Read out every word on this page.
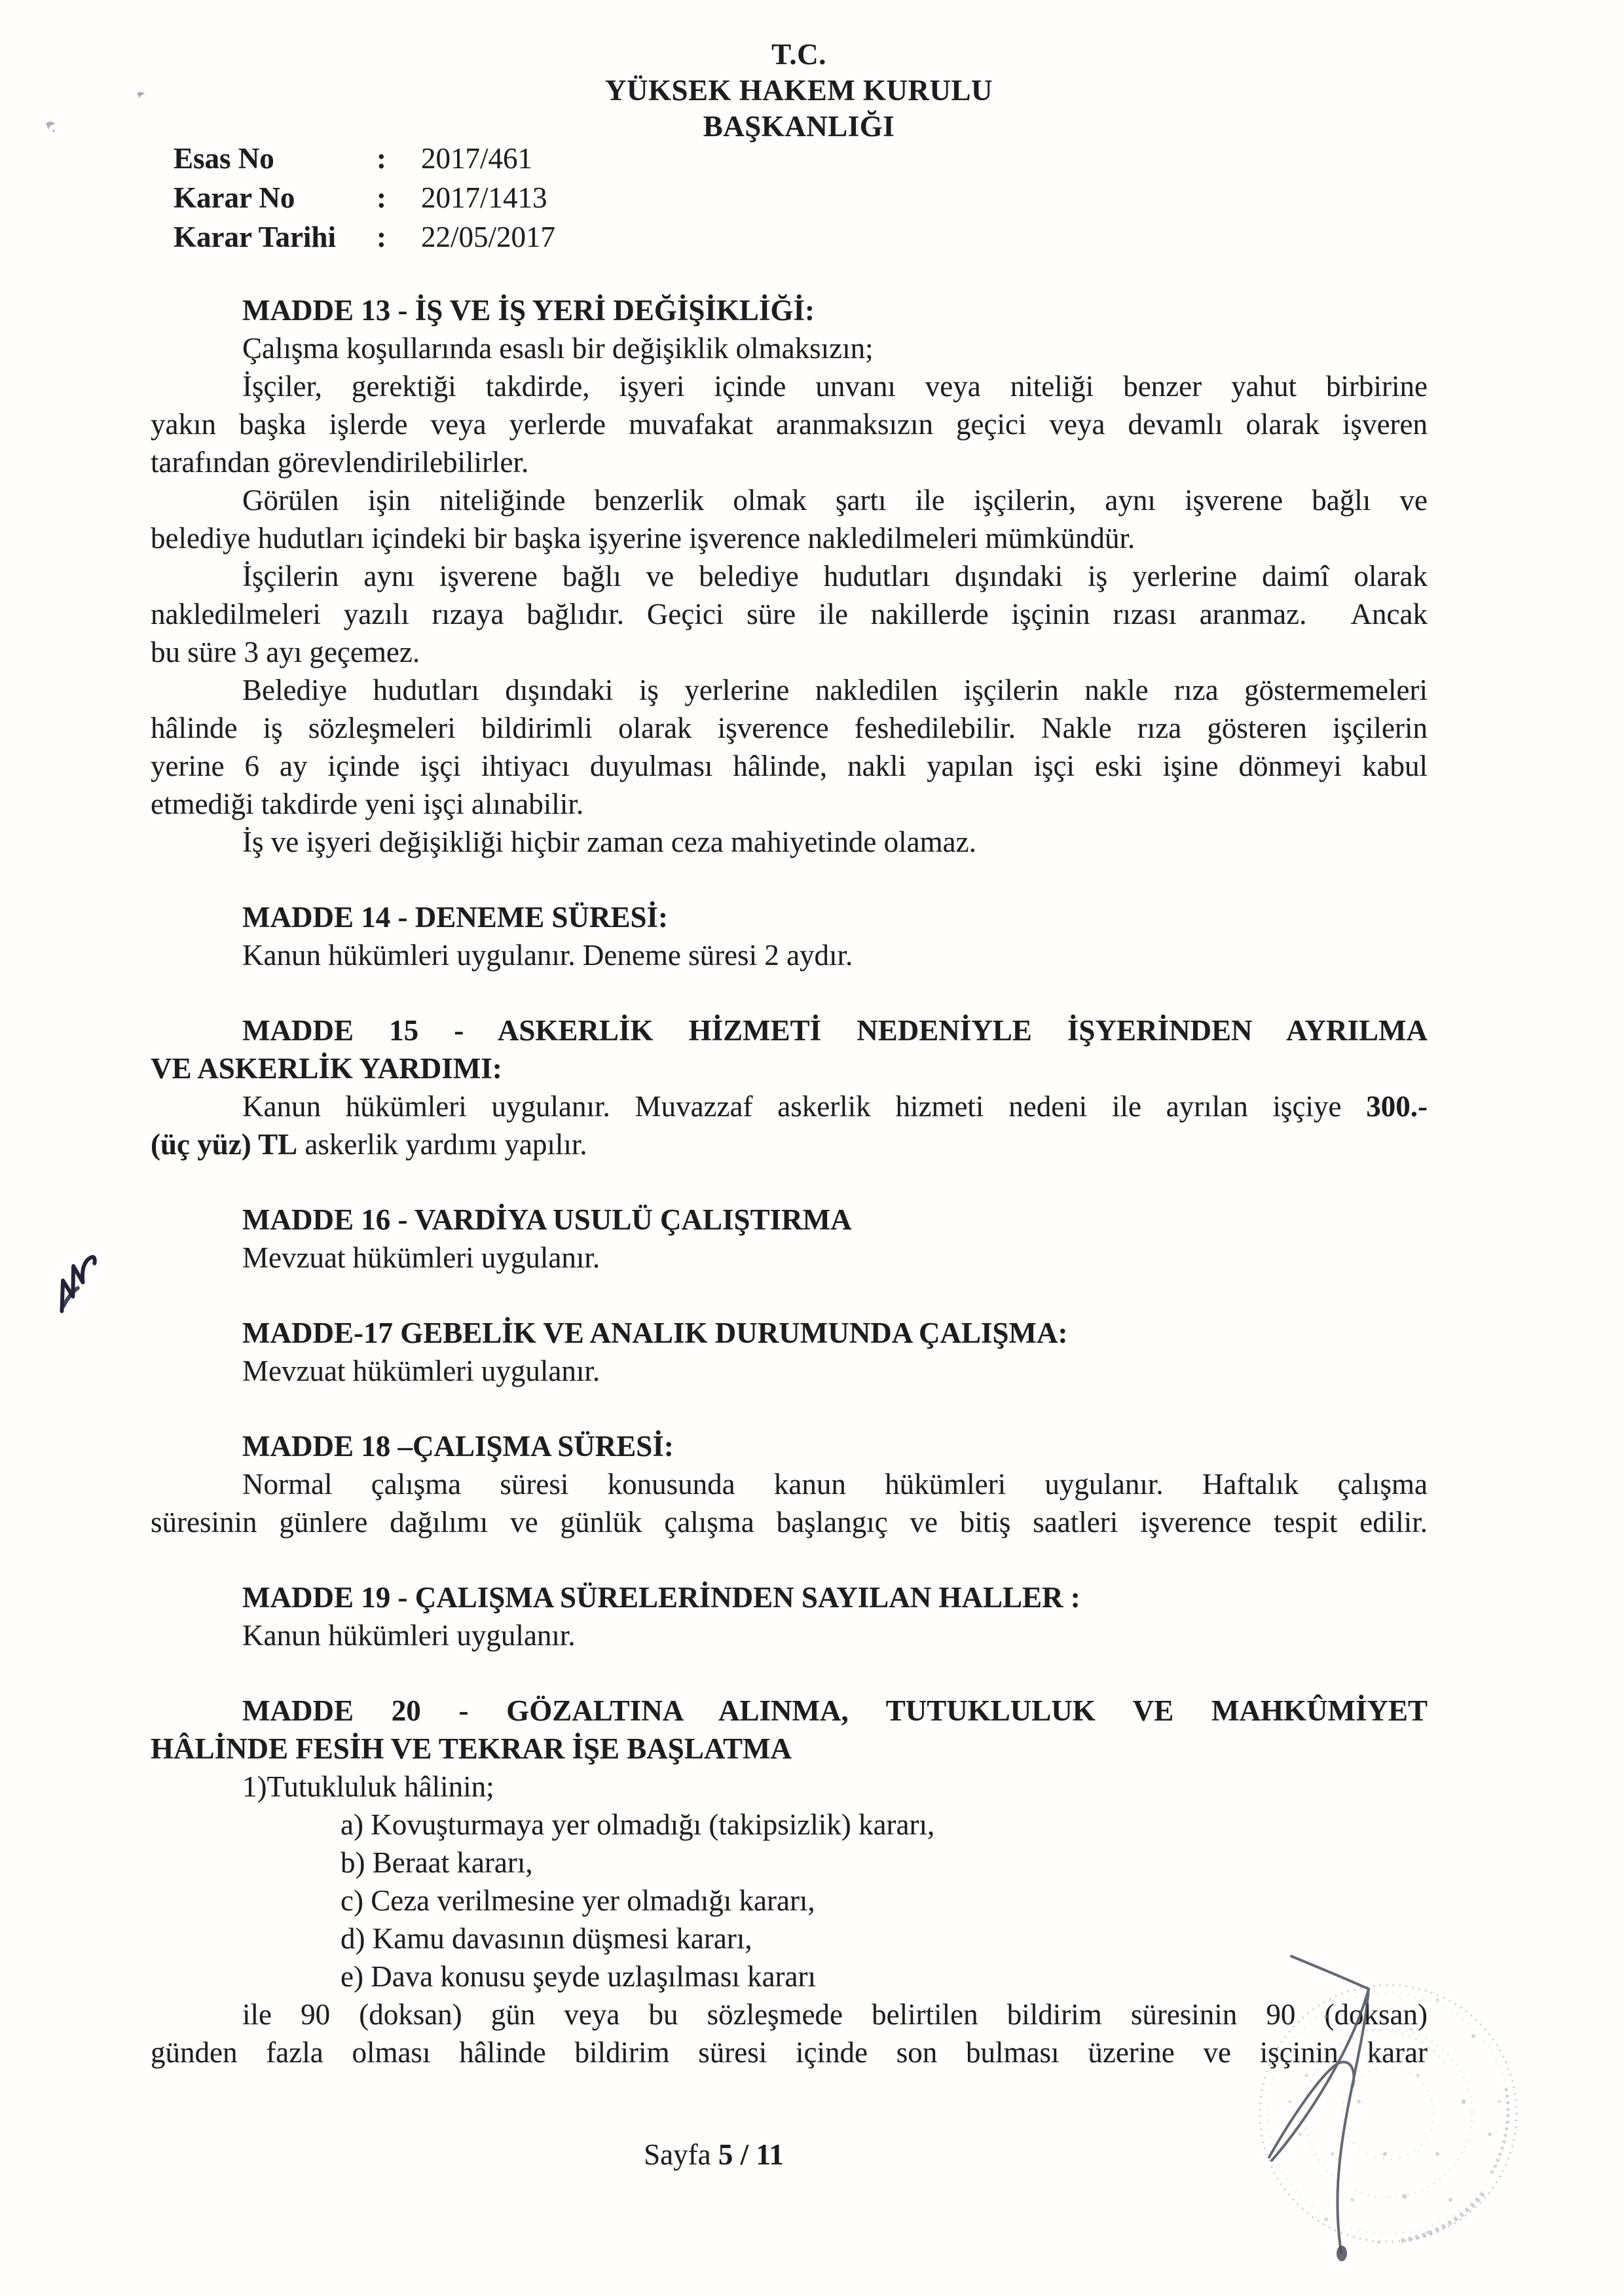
T.C.
YÜKSEK HAKEM KURULU
BAŞKANLIĞI
Esas No	: 2017/461
Karar No	: 2017/1413
Karar Tarihi : 22/05/2017
MADDE 13 - İŞ VE İŞ YERİ DEĞİŞİKLİĞİ:
Çalışma koşullarında esaslı bir değişiklik olmaksızın;
İşçiler, gerektiği takdirde, işyeri içinde unvanı veya niteliği benzer yahut birbirine
yakın başka işlerde veya yerlerde muvafakat aranmaksızın geçici veya devamlı olarak işveren
tarafından görevlendirilebilirler.
Görülen işin niteliğinde benzerlik olmak şartı ile işçilerin, aynı işverene bağlı ve
belediye hudutları içindeki bir başka işyerine işverence nakledilmeleri mümkündür.
İşçilerin aynı işverene bağlı ve belediye hudutları dışındaki iş yerlerine daimî olarak
nakledilmeleri yazılı rızaya bağlıdır. Geçici süre ile nakillerde işçinin rızası aranmaz.  Ancak
bu süre 3 ayı geçemez.
Belediye hudutları dışındaki iş yerlerine nakledilen işçilerin nakle rıza göstermemeleri
hâlinde iş sözleşmeleri bildirimli olarak işverence feshedilebilir. Nakle rıza gösteren işçilerin
yerine 6 ay içinde işçi ihtiyacı duyulması hâlinde, nakli yapılan işçi eski işine dönmeyi kabul
etmediği takdirde yeni işçi alınabilir.
İş ve işyeri değişikliği hiçbir zaman ceza mahiyetinde olamaz.
MADDE 14 - DENEME SÜRESİ:
Kanun hükümleri uygulanır. Deneme süresi 2 aydır.
MADDE 15 - ASKERLİK HİZMETİ NEDENİYLE İŞYERİNDEN AYRILMA
VE ASKERLİK YARDIMI:
Kanun hükümleri uygulanır. Muvazzaf askerlik hizmeti nedeni ile ayrılan işçiye 300.-
(üç yüz) TL askerlik yardımı yapılır.
MADDE 16 - VARDİYA USULÜ ÇALIŞTIRMA
Mevzuat hükümleri uygulanır.
MADDE-17 GEBELİK VE ANALIK DURUMUNDA ÇALIŞMA:
Mevzuat hükümleri uygulanır.
MADDE 18 –ÇALIŞMA SÜRESİ:
Normal çalışma süresi konusunda kanun hükümleri uygulanır. Haftalık çalışma
süresinin günlere dağılımı ve günlük çalışma başlangıç ve bitiş saatleri işverence tespit edilir.
MADDE 19 - ÇALIŞMA SÜRELERİNDEN SAYILAN HALLER :
Kanun hükümleri uygulanır.
MADDE 20 - GÖZALTINA ALINMA, TUTUKLULUK VE MAHKÛMİYET
HÂLİNDE FESİH VE TEKRAR İŞE BAŞLATMA
1)Tutukluluk hâlinin;
a) Kovuşturmaya yer olmadığı (takipsizlik) kararı,
b) Beraat kararı,
c) Ceza verilmesine yer olmadığı kararı,
d) Kamu davasının düşmesi kararı,
e) Dava konusu şeyde uzlaşılması kararı
ile 90 (doksan) gün veya bu sözleşmede belirtilen bildirim süresinin 90 (doksan)
günden fazla olması hâlinde bildirim süresi içinde son bulması üzerine ve işçinin karar
Sayfa 5 / 11
